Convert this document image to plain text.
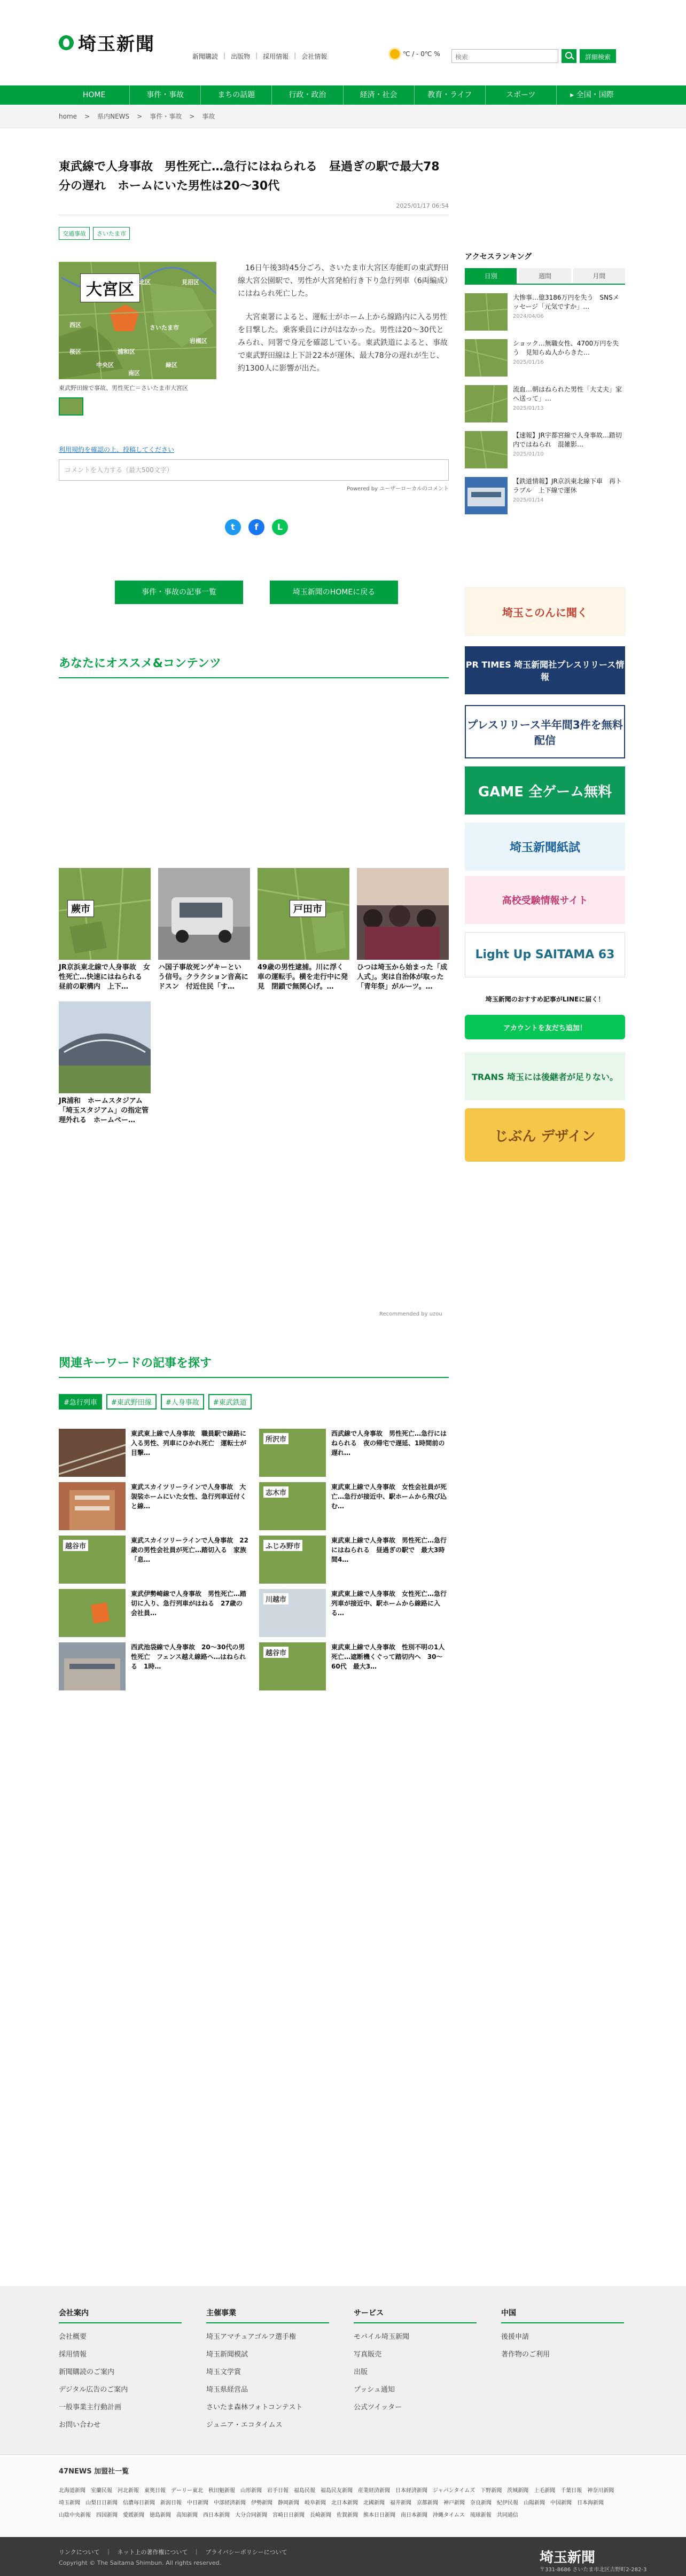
埼玉新聞
新聞購読 | 出版物 | 採用情報 | 会社情報	℃ / - 0℃ %	検索	詳細検索
HOME	事件・事故	まちの話題	行政・政治	経済・社会	教育・ライフ	スポーツ	▸ 全国・国際
home > 県内NEWS > 事件・事故 > 事故
東武線で人身事故　男性死亡…急行にはねられる　昼過ぎの駅で最大78分の遅れ　ホームにいた男性は20～30代
2025/01/17 06:54
交通事故	さいたま市
大宮区
西区
北区	見沼区
さいたま市
桜区	浦和区
岩槻区
中央区	緑区
南区
東武野田線で事故、男性死亡＝さいたま市大宮区

16日午後3時45分ごろ、さいたま市大宮区寿能町の東武野田線大宮公園駅で、男性が大宮発柏行き下り急行列車（6両編成）にはねられ死亡した。

大宮東署によると、運転士がホーム上から線路内に入る男性を目撃した。乗客乗員にけがはなかった。男性は20～30代とみられ、同署で身元を確認している。東武鉄道によると、事故で東武野田線は上下計22本が運休、最大78分の遅れが生じ、約1300人に影響が出た。

利用規約を確認の上、投稿してください
コメントを入力する（最大500文字）
Powered by ユーザーローカルのコメント
t	f	L
事件・事故の記事一覧	埼玉新聞のHOMEに戻る
あなたにオススメ&コンテンツ
蕨市
JR京浜東北線で人身事故　女性死亡…快速にはねられる　昼前の駅構内　上下…
ハ国子事故死ンゲキーとい う信号。クラクション音高にドスン　付近住民「す…
戸田市
49歳の男性逮捕。川に浮く車の運転手。横を走行中に発見　閉鎖で無関心げ。…
ひつは埼玉から始まった「成人式」。実は自治体が取った「青年祭」がルーツ。…
JR浦和　ホームスタジアム「埼玉スタジアム」の指定管理外れる　ホームペー…
Recommended by uzou
関連キーワードの記事を探す
#急行列車	#東武野田線	#人身事故	#東武鉄道
東武東上線で人身事故　職員駅で線路に入る男性、列車にひかれ死亡　運転士が目撃…
所沢市
西武線で人身事故　男性死亡…急行にはねられる　夜の帰宅で遅延、1時間前の遅れ…
東武スカイツリーラインで人身事故　大袈裟ホームにいた女性、急行列車近付くと線…
志木市
東武東上線で人身事故　女性会社員が死亡…急行が接近中、駅ホームから飛び込む…
越谷市
東武スカイツリーラインで人身事故　22歳の男性会社員が死亡…踏切入る　家族「息…
ふじみ野市
東武東上線で人身事故　男性死亡…急行にはねられる　昼過ぎの駅で　最大3時間4…
東武伊勢崎線で人身事故　男性死亡…踏切に入り、急行列車がはねる　27歳の会社員…
川越市
東武東上線で人身事故　女性死亡…急行列車が接近中、駅ホームから線路に入る…
西武池袋線で人身事故　20～30代の男性死亡　フェンス越え線路へ…はねられる　1時…
越谷市
東武東上線で人身事故　性別不明の1人死亡…遮断機くぐって踏切内へ　30～60代　最大3…
アクセスランキング
日別	週間	月間
大惨事…億3186万円を失う　SNSメッセージ「元気ですか」…
2024/04/06
ショック…無職女性、4700万円を失う　見知らぬ人からきた…
2025/01/16
流血…朝はねられた男性「大丈夫」家へ送って」…
2025/01/13
【速報】JR宇都宮線で人身事故…踏切内ではねられ　混雑影…
2025/01/10
【鉄道情報】JR京浜東北線下車　再トラブル　上下線で運休
2025/01/14
埼玉このんに聞く
PR TIMES 埼玉新聞社プレスリリース情報
プレスリリース半年間3件を無料配信
GAME 全ゲーム無料
埼玉新聞紙試
高校受験情報サイト
Light Up SAITAMA 63
埼玉新聞のおすすめ記事がLINEに届く！
アカウントを友だち追加！
TRANS 埼玉には後継者が足りない。
じぶん デザイン
会社案内
会社概要
採用情報
新聞購読のご案内
デジタル広告のご案内
一般事業主行動計画
お問い合わせ
主催事業
埼玉アマチュアゴルフ選手権
埼玉新聞模試
埼玉文学賞
埼玉県経営品
さいたま森林フォトコンテスト
ジュニア・エコタイムス
サービス
モバイル埼玉新聞
写真販売
出版
プッシュ通知
公式ツイッター
中国
後援申請
著作物のご利用
47NEWS 加盟社一覧
北海道新聞 室蘭民報 河北新報 東奥日報 デーリー東北 秋田魁新報 山形新聞 岩手日報 福島民報 福島民友新聞 産業経済新聞 日本経済新聞 ジャパンタイムズ 下野新聞 茨城新聞 上毛新聞 千葉日報 神奈川新聞
埼玉新聞 山梨日日新聞 信濃毎日新聞 新潟日報 中日新聞 中部経済新聞 伊勢新聞 静岡新聞 岐阜新聞 北日本新聞 北國新聞 福井新聞 京都新聞 神戸新聞 奈良新聞 紀伊民報 山陽新聞 中国新聞 日本海新聞
山陰中央新報 四国新聞 愛媛新聞 徳島新聞 高知新聞 西日本新聞 大分合同新聞 宮崎日日新聞 長崎新聞 佐賀新聞 熊本日日新聞 南日本新聞 沖縄タイムス 琉球新報 共同通信
リンクについて　｜　ネット上の著作権について　｜　プライバシーポリシーについて
Copyright © The Saitama Shimbun. All rights reserved.	埼玉新聞
〒331-8686 さいたま市北区吉野町2-282-3
